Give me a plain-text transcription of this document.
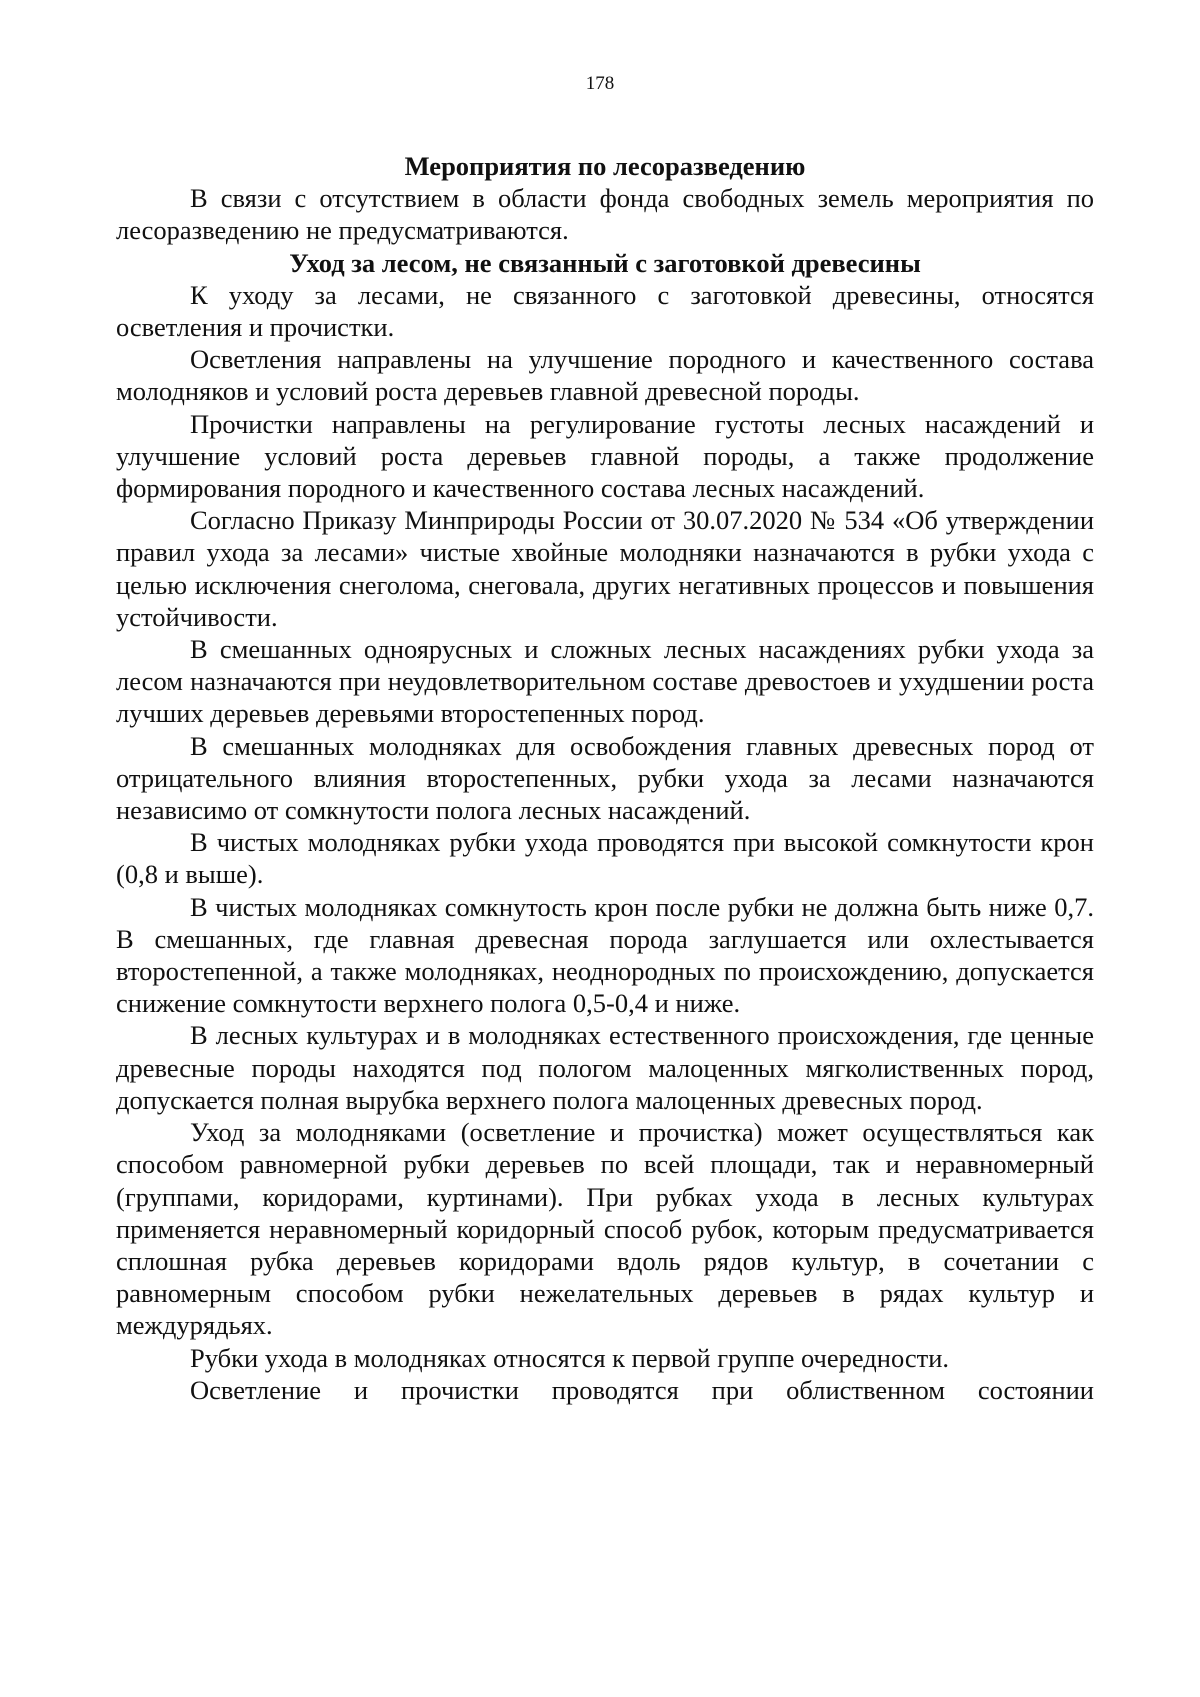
178
Мероприятия по лесоразведению

В связи с отсутствием в области фонда свободных земель мероприятия по лесоразведению не предусматриваются.

Уход за лесом, не связанный с заготовкой древесины

К уходу за лесами, не связанного с заготовкой древесины, относятся осветления и прочистки.

Осветления направлены на улучшение породного и качественного состава молодняков и условий роста деревьев главной древесной породы.

Прочистки направлены на регулирование густоты лесных насаждений и улучшение условий роста деревьев главной породы, а также продолжение формирования породного и качественного состава лесных насаждений.

Согласно Приказу Минприроды России от 30.07.2020 № 534 «Об утверждении правил ухода за лесами» чистые хвойные молодняки назначаются в рубки ухода с целью исключения снеголома, снеговала, других негативных процессов и повышения устойчивости.

В смешанных одноярусных и сложных лесных насаждениях рубки ухода за лесом назначаются при неудовлетворительном составе древостоев и ухудшении роста лучших деревьев деревьями второстепенных пород.

В смешанных молодняках для освобождения главных древесных пород от отрицательного влияния второстепенных, рубки ухода за лесами назначаются независимо от сомкнутости полога лесных насаждений.

В чистых молодняках рубки ухода проводятся при высокой сомкнутости крон (0,8 и выше).

В чистых молодняках сомкнутость крон после рубки не должна быть ниже 0,7. В смешанных, где главная древесная порода заглушается или охлестывается второстепенной, а также молодняках, неоднородных по происхождению, допускается снижение сомкнутости верхнего полога 0,5-0,4 и ниже.

В лесных культурах и в молодняках естественного происхождения, где ценные древесные породы находятся под пологом малоценных мягколиственных пород, допускается полная вырубка верхнего полога малоценных древесных пород.

Уход за молодняками (осветление и прочистка) может осуществляться как способом равномерной рубки деревьев по всей площади, так и неравномерный (группами, коридорами, куртинами). При рубках ухода в лесных культурах применяется неравномерный коридорный способ рубок, которым предусматривается сплошная рубка деревьев коридорами вдоль рядов культур, в сочетании с равномерным способом рубки нежелательных деревьев в рядах культур и междурядьях.

Рубки ухода в молодняках относятся к первой группе очередности.

Осветление и прочистки проводятся при облиственном состоянии
